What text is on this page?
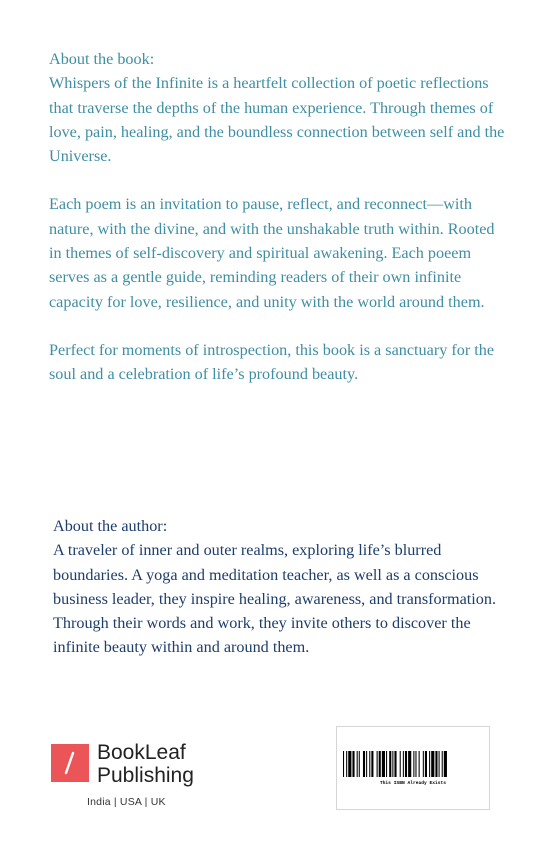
About the book:

Whispers of the Infinite is a heartfelt collection of poetic reflections that traverse the depths of the human experience. Through themes of love, pain, healing, and the boundless connection between self and the Universe.

Each poem is an invitation to pause, reflect, and reconnect—with nature, with the divine, and with the unshakable truth within. Rooted in themes of self-discovery and spiritual awakening. Each poeem serves as a gentle guide, reminding readers of their own infinite capacity for love, resilience, and unity with the world around them.

Perfect for moments of introspection, this book is a sanctuary for the soul and a celebration of life’s profound beauty.

About the author:

A traveler of inner and outer realms, exploring life’s blurred boundaries. A yoga and meditation teacher, as well as a conscious business leader, they inspire healing, awareness, and transformation. Through their words and work, they invite others to discover the infinite beauty within and around them.

BookLeaf
Publishing
India | USA | UK
This ISBN Already Exists
